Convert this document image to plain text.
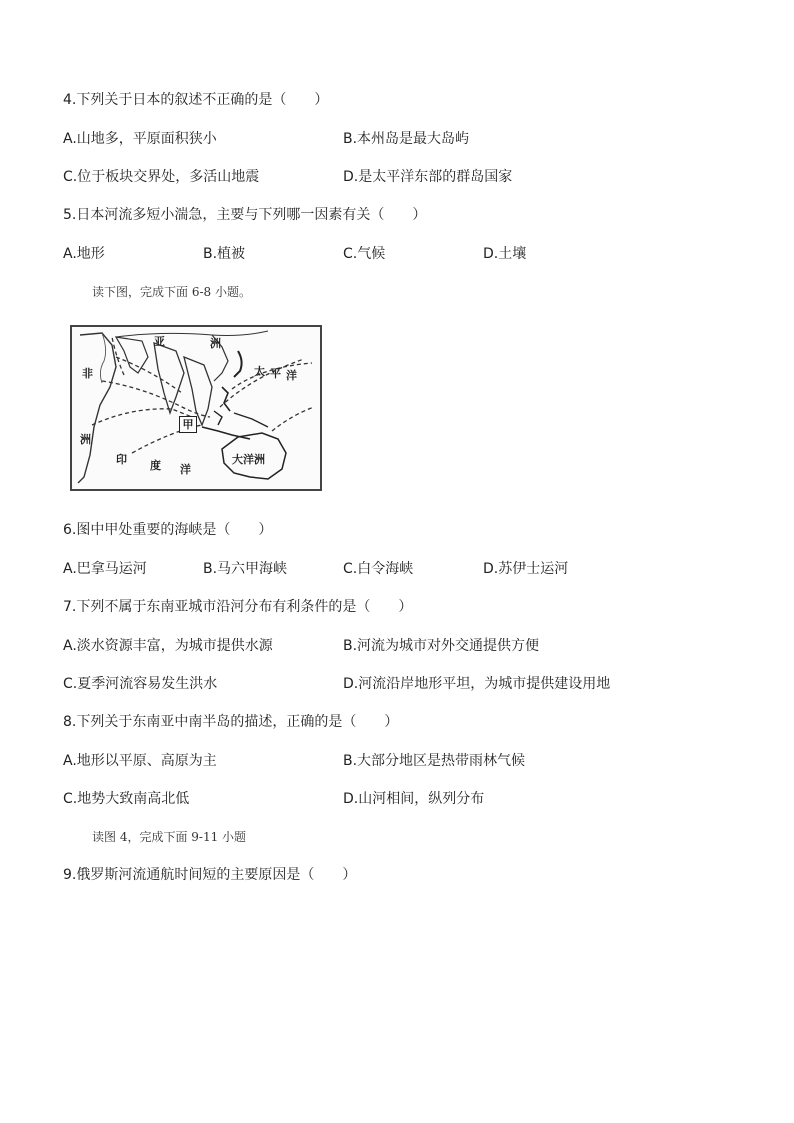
4.下列关于日本的叙述不正确的是（　　）
A.山地多，平原面积狭小	B.本州岛是最大岛屿
C.位于板块交界处，多活山地震	D.是太平洋东部的群岛国家
5.日本河流多短小湍急，主要与下列哪一因素有关（　　）
A.地形	B.植被	C.气候	D.土壤
读下图，完成下面 6-8 小题。
亚	洲
非
洲
太 平 洋
印 度 洋
大洋洲
甲
6.图中甲处重要的海峡是（　　）
A.巴拿马运河	B.马六甲海峡	C.白令海峡	D.苏伊士运河
7.下列不属于东南亚城市沿河分布有利条件的是（　　）
A.淡水资源丰富，为城市提供水源	B.河流为城市对外交通提供方便
C.夏季河流容易发生洪水	D.河流沿岸地形平坦，为城市提供建设用地
8.下列关于东南亚中南半岛的描述，正确的是（　　）
A.地形以平原、高原为主	B.大部分地区是热带雨林气候
C.地势大致南高北低	D.山河相间，纵列分布
读图 4，完成下面 9-11 小题
9.俄罗斯河流通航时间短的主要原因是（　　）
